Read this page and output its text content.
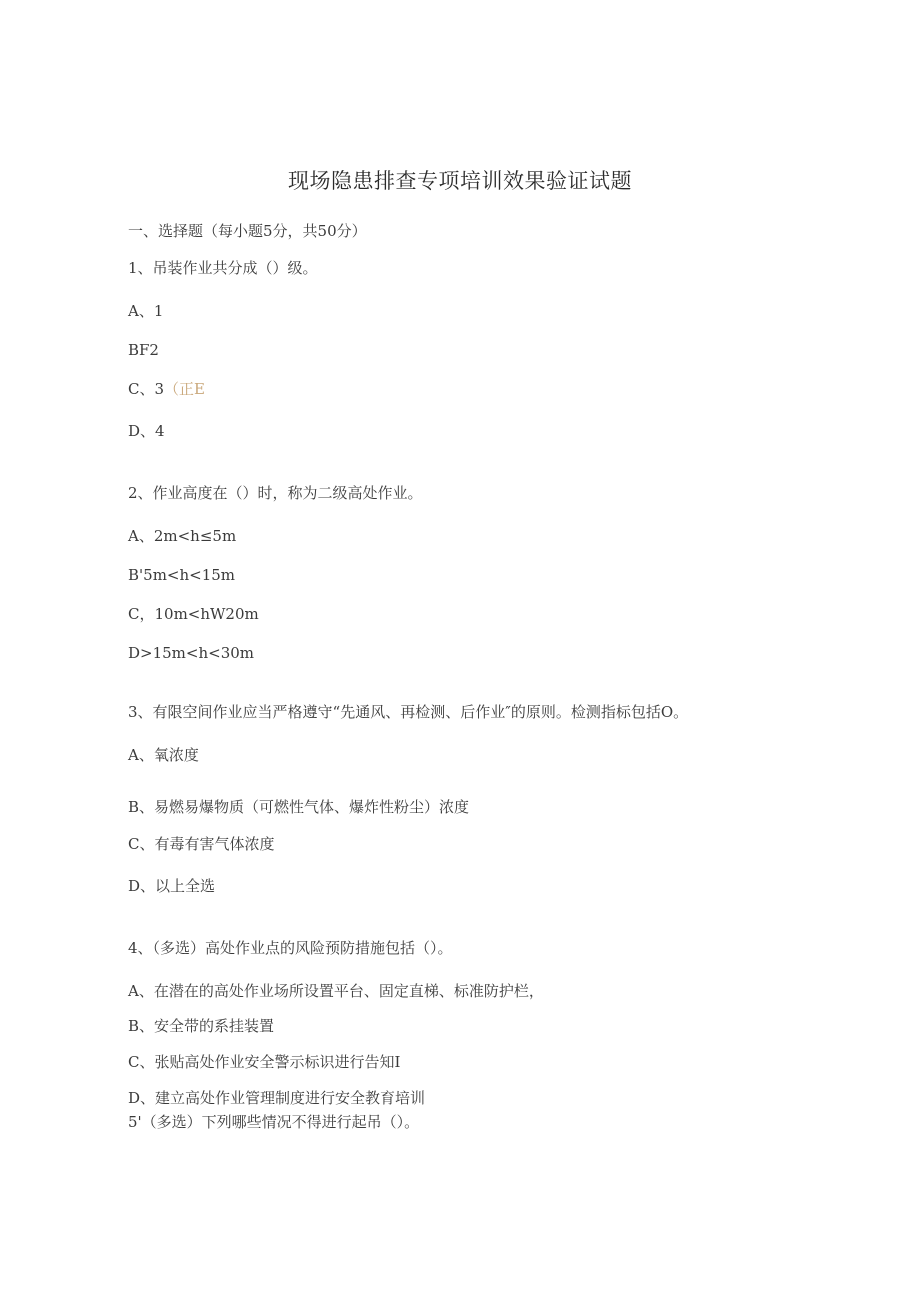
现场隐患排查专项培训效果验证试题
一、选择题（每小题5分，共50分）
1、吊装作业共分成（）级。
A、1
BF2
C、3（正E
D、4
2、作业高度在（）时，称为二级高处作业。
A、2m<h≤5m
B'5m<h<15m
C，10m<hW20m
D>15m<h<30m
3、有限空间作业应当严格遵守“先通风、再检测、后作业″的原则。检测指标包括O。
A、氧浓度
B、易燃易爆物质（可燃性气体、爆炸性粉尘）浓度
C、有毒有害气体浓度
D、以上全选
4、（多选）高处作业点的风险预防措施包括（）。
A、在潜在的高处作业场所设置平台、固定直梯、标准防护栏，
B、安全带的系挂装置
C、张贴高处作业安全警示标识进行告知I
D、建立高处作业管理制度进行安全教育培训
5'（多选）下列哪些情况不得进行起吊（）。
